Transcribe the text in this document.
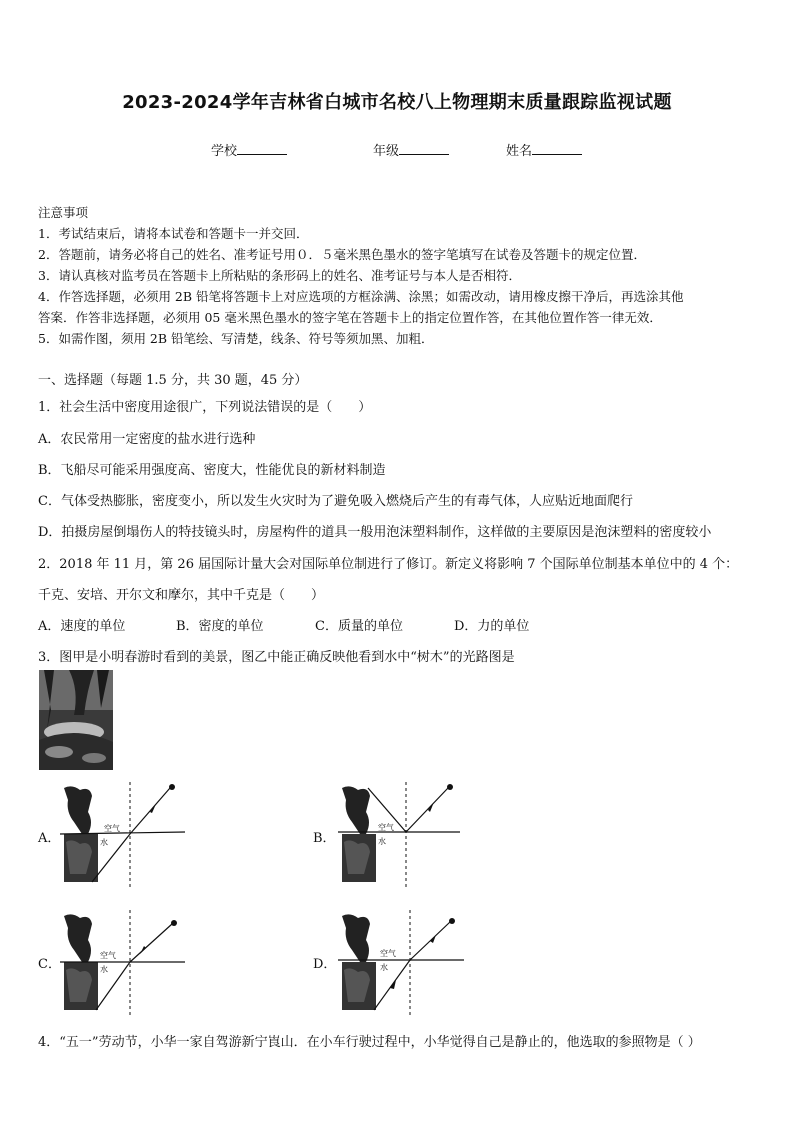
2023-2024学年吉林省白城市名校八上物理期末质量跟踪监视试题
学校	年级	姓名
注意事项
1．考试结束后，请将本试卷和答题卡一并交回．
2．答题前，请务必将自己的姓名、准考证号用０．５毫米黑色墨水的签字笔填写在试卷及答题卡的规定位置．
3．请认真核对监考员在答题卡上所粘贴的条形码上的姓名、准考证号与本人是否相符．
4．作答选择题，必须用 2B 铅笔将答题卡上对应选项的方框涂满、涂黑；如需改动，请用橡皮擦干净后，再选涂其他
答案．作答非选择题，必须用 05 毫米黑色墨水的签字笔在答题卡上的指定位置作答，在其他位置作答一律无效．
5．如需作图，须用 2B 铅笔绘、写清楚，线条、符号等须加黑、加粗．
一、选择题（每题 1.5 分，共 30 题，45 分）
1．社会生活中密度用途很广，下列说法错误的是（　　）
A．农民常用一定密度的盐水进行选种
B．飞船尽可能采用强度高、密度大，性能优良的新材料制造
C．气体受热膨胀，密度变小，所以发生火灾时为了避免吸入燃烧后产生的有毒气体，人应贴近地面爬行
D．拍摄房屋倒塌伤人的特技镜头时，房屋构件的道具一般用泡沫塑料制作，这样做的主要原因是泡沫塑料的密度较小
2．2018 年 11 月，第 26 届国际计量大会对国际单位制进行了修订。新定义将影响 7 个国际单位制基本单位中的 4 个：
千克、安培、开尔文和摩尔，其中千克是（　　）
A．速度的单位	B．密度的单位	C．质量的单位	D．力的单位
3．图甲是小明春游时看到的美景，图乙中能正确反映他看到水中“树木”的光路图是
A．	B．
C．	D．
空气
水
空气
水
空气
水
空气
水
4．“五一”劳动节，小华一家自驾游新宁崀山．在小车行驶过程中，小华觉得自己是静止的，他选取的参照物是（ ）
